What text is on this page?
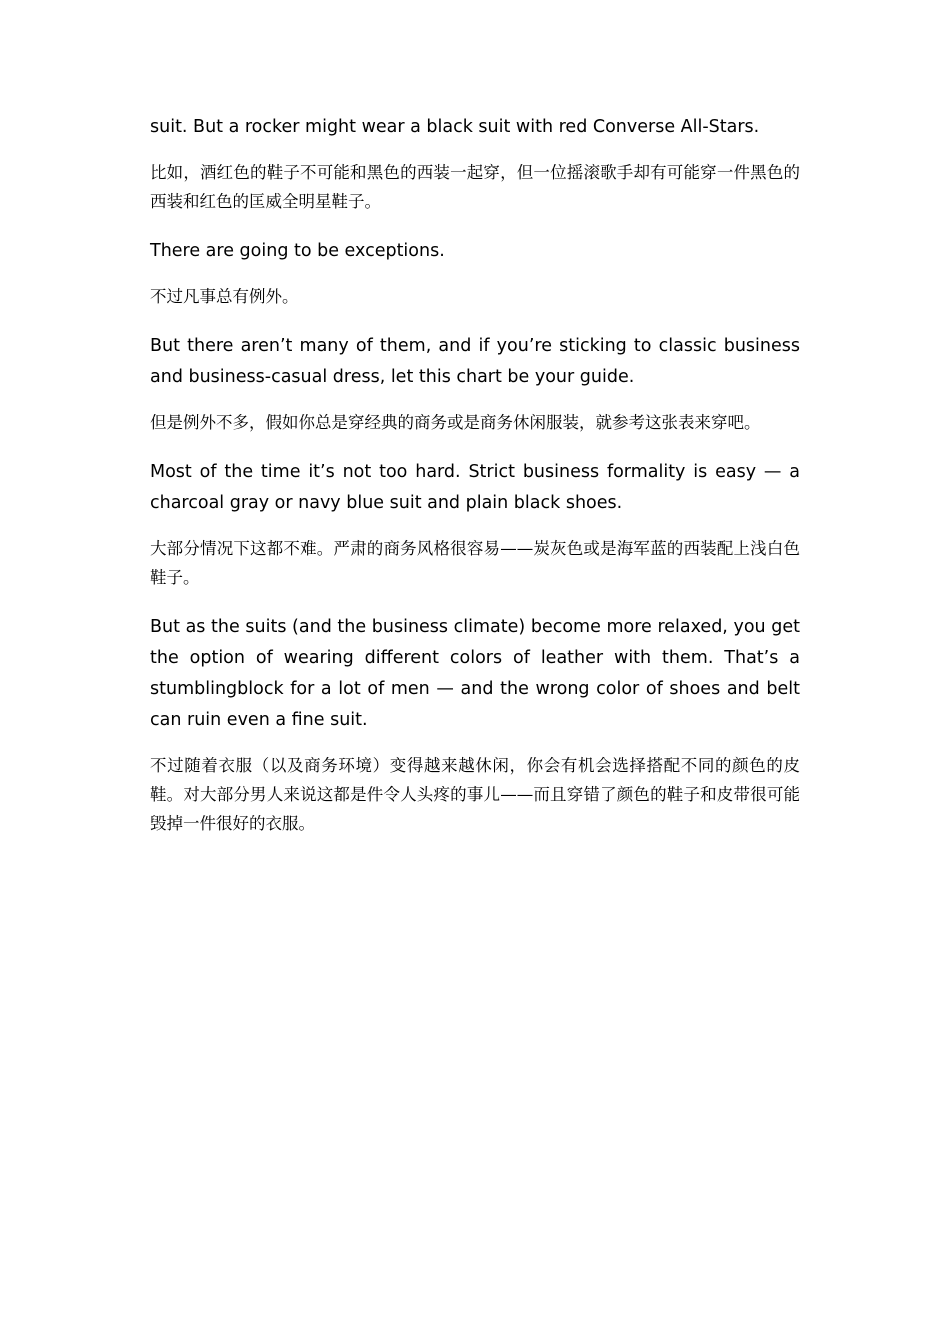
suit. But a rocker might wear a black suit with red Converse All-Stars.

比如，酒红色的鞋子不可能和黑色的西装一起穿，但一位摇滚歌手却有可能穿一件黑色的西装和红色的匡威全明星鞋子。

There are going to be exceptions.

不过凡事总有例外。

But there aren’t many of them, and if you’re sticking to classic business and business-casual dress, let this chart be your guide.

但是例外不多，假如你总是穿经典的商务或是商务休闲服装，就参考这张表来穿吧。

Most of the time it’s not too hard. Strict business formality is easy — a charcoal gray or navy blue suit and plain black shoes.

大部分情况下这都不难。严肃的商务风格很容易——炭灰色或是海军蓝的西装配上浅白色鞋子。

But as the suits (and the business climate) become more relaxed, you get the option of wearing different colors of leather with them. That’s a stumblingblock for a lot of men — and the wrong color of shoes and belt can ruin even a fine suit.

不过随着衣服（以及商务环境）变得越来越休闲，你会有机会选择搭配不同的颜色的皮鞋。对大部分男人来说这都是件令人头疼的事儿——而且穿错了颜色的鞋子和皮带很可能毁掉一件很好的衣服。
